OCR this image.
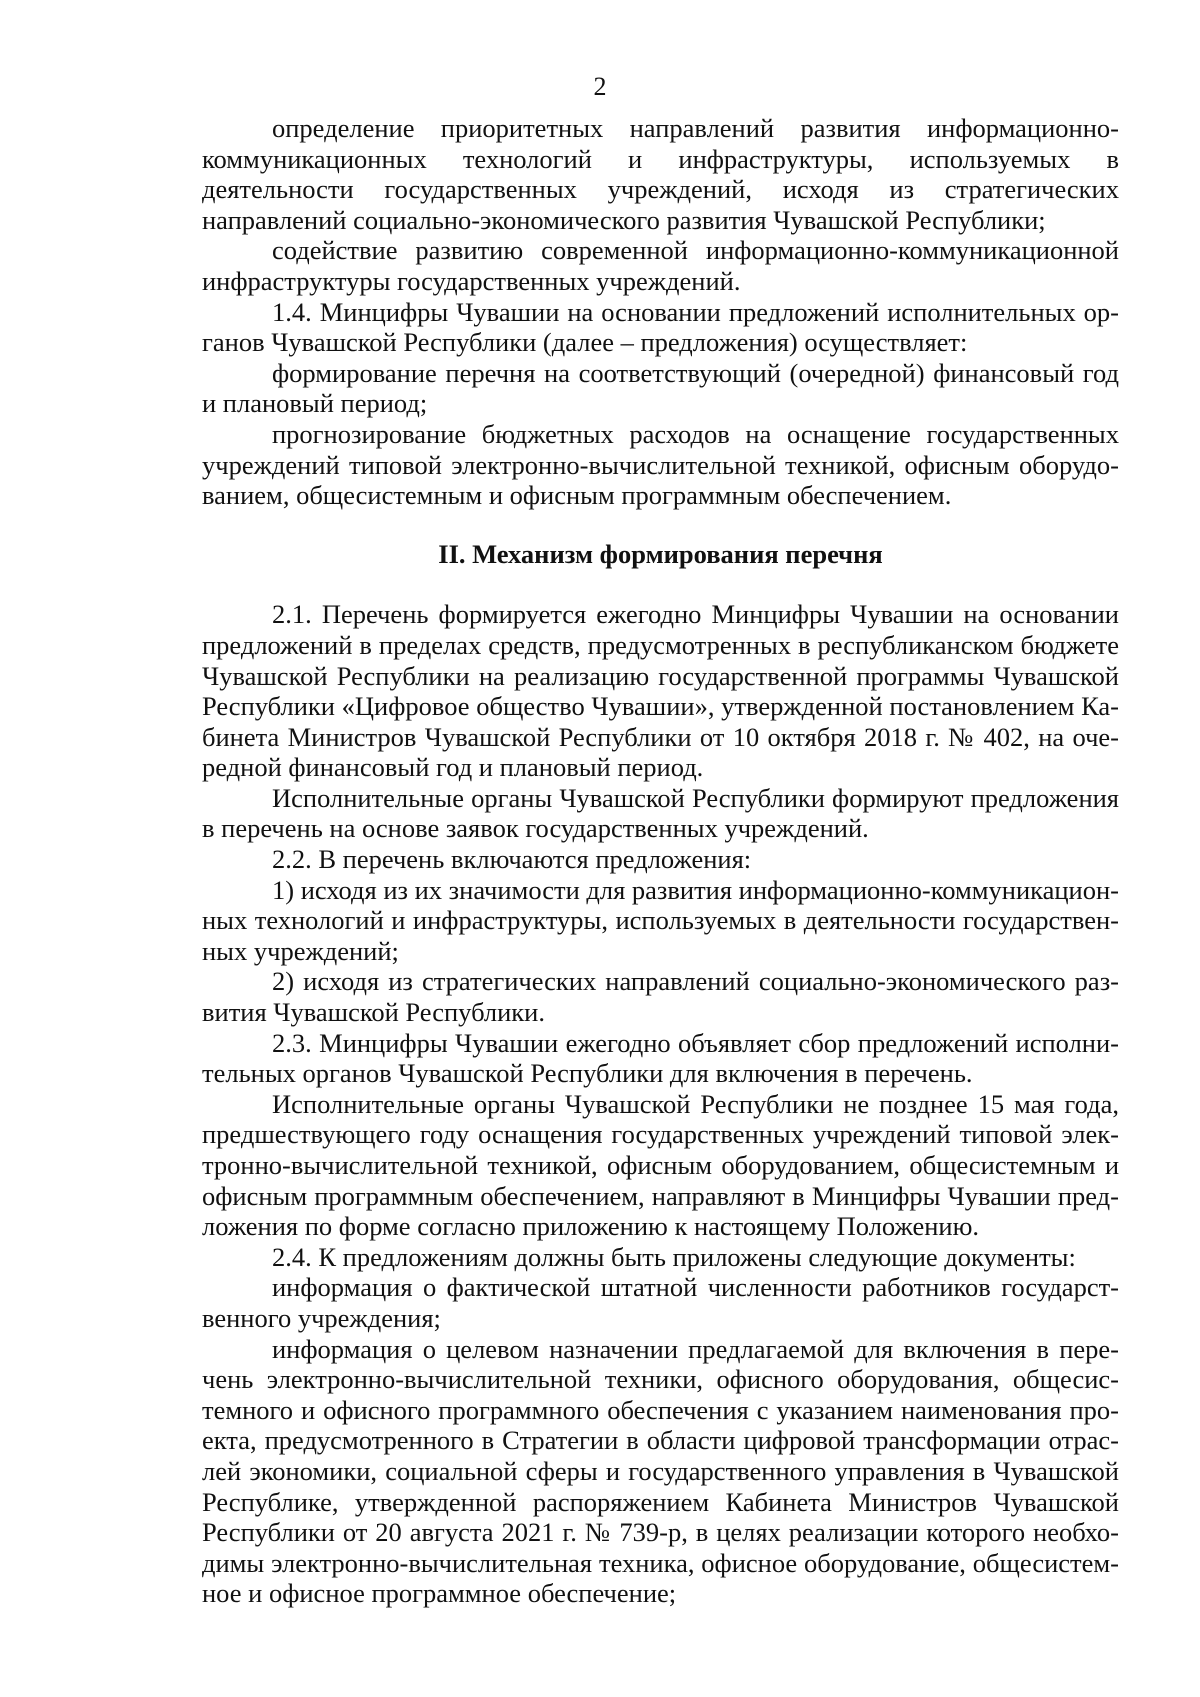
2

определение приоритетных направлений развития информационно-коммуникационных технологий и инфраструктуры, используемых в деятельности государственных учреждений, исходя из стратегических направлений социально-экономического развития Чувашской Республики;

содействие развитию современной информационно-коммуникационной инфраструктуры государственных учреждений.

1.4. Минцифры Чувашии на основании предложений исполнительных органов Чувашской Республики (далее – предложения) осуществляет:

формирование перечня на соответствующий (очередной) финансовый год и плановый период;

прогнозирование бюджетных расходов на оснащение государственных учреждений типовой электронно-вычислительной техникой, офисным оборудованием, общесистемным и офисным программным обеспечением.

II. Механизм формирования перечня

2.1. Перечень формируется ежегодно Минцифры Чувашии на основании предложений в пределах средств, предусмотренных в республиканском бюджете Чувашской Республики на реализацию государственной программы Чувашской Республики «Цифровое общество Чувашии», утвержденной постановлением Кабинета Министров Чувашской Республики от 10 октября 2018 г. № 402, на очередной финансовый год и плановый период.

Исполнительные органы Чувашской Республики формируют предложения в перечень на основе заявок государственных учреждений.

2.2. В перечень включаются предложения:

1) исходя из их значимости для развития информационно-коммуникационных технологий и инфраструктуры, используемых в деятельности государственных учреждений;

2) исходя из стратегических направлений социально-экономического развития Чувашской Республики.

2.3. Минцифры Чувашии ежегодно объявляет сбор предложений исполнительных органов Чувашской Республики для включения в перечень.

Исполнительные органы Чувашской Республики не позднее 15 мая года, предшествующего году оснащения государственных учреждений типовой электронно-вычислительной техникой, офисным оборудованием, общесистемным и офисным программным обеспечением, направляют в Минцифры Чувашии предложения по форме согласно приложению к настоящему Положению.

2.4. К предложениям должны быть приложены следующие документы:

информация о фактической штатной численности работников государственного учреждения;

информация о целевом назначении предлагаемой для включения в перечень электронно-вычислительной техники, офисного оборудования, общесистемного и офисного программного обеспечения с указанием наименования проекта, предусмотренного в Стратегии в области цифровой трансформации отраслей экономики, социальной сферы и государственного управления в Чувашской Республике, утвержденной распоряжением Кабинета Министров Чувашской Республики от 20 августа 2021 г. № 739-р, в целях реализации которого необходимы электронно-вычислительная техника, офисное оборудование, общесистемное и офисное программное обеспечение;
